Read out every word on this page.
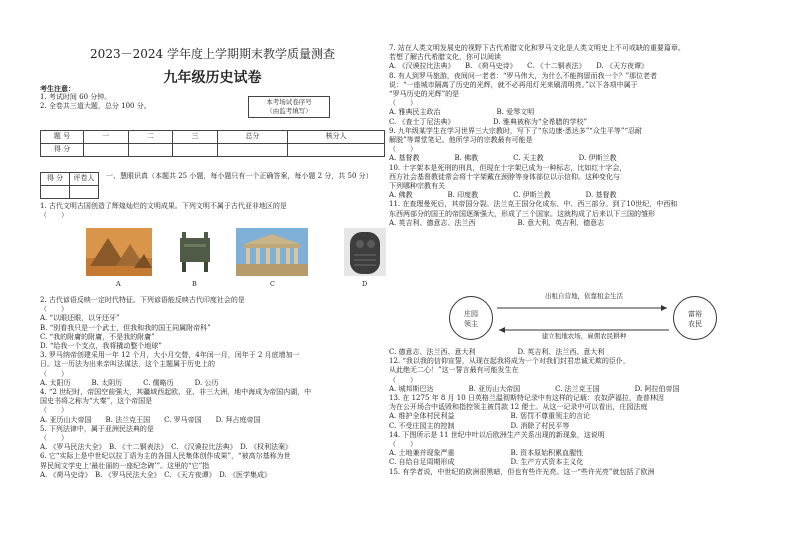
2023－2024 学年度上学期期末教学质量测查
九年级历史试卷
考生注意：
1. 考试时间 60 分钟。
2. 全卷共三道大题，总分 100 分。
本考场试卷序号
（由监考填写）
题 号	一	二	三	总分	核分人
得 分					
得 分	评卷人
	一、慧眼识真（本题共 25 小题，每小题只有一个正确答案，每小题 2 分，共 50 分）
1. 古代文明古国创造了辉煌灿烂的文明成果。下列文明不属于古代亚非地区的是
（　　）
A	B	C	D
2. 古代谚语反映一定时代特征。下列谚语能反映古代印度社会的是
（　　）
A. “以眼还眼，以牙还牙”
B. “别看我只是一个武士，但我和我的国王同属附帝科”
C. “我的附庸的附庸，不是我的附庸”
D. “给我一个支点，我将撬动整个地球”
3. 罗马纳帝创建采用一年 12 个月，大小月交替，4年闰一月，闰年于 2 月底增加一
日。这一历法为出来亲叫法谋法，这个主题属于历史上的
（　　）
A. 太阳历　　　B. 太阴历　　　C. 儒略历　　　D. 公历
4. “2 世纪时，帝国空前强大，其疆域西起欧、亚、非三大洲，地中海成为帝国内湖，中
国史书将之称为“大秦”，这个帝国是
（　　）
A. 亚历山大帝国　　B. 法兰克王国　　C. 罗马帝国　　D. 拜占庭帝国
5. 下列法律中，属于亚洲民法典的是
（　　）
A. 《罗马民法大全》　B. 《十二铜表法》　C. 《汉谟拉比法典》　D. 《权利法案》
6. 它“实际上是中世纪以拉丁语为主的各国人民集体创作成果”，“被高尔基称为世
界民间文学史上‘最壮丽的一座纪念碑’”。这里的“它”指
A. 《荷马史诗》　B. 《罗马民法大全》　C. 《天方夜谭》　D. 《医学集成》
7. 站在人类文明发展史的视野下古代希腊文化和罗马文化是人类文明史上不可或缺的重要篇章。
若想了解古代希腊文化，你可以阅读
A. 《汉谟拉比法典》　　B. 《荷马史诗》　　C. 《十二铜表法》　　D. 《天方夜谭》
8. 有人到罗马旅游，夜间问一老者：“罗马伟大，为什么不能拘留而我一个？”那位老者
说：“一座城市隔离了历史的光辉，就不必再用灯光来刷清明亮。”以下各项中属于
“罗马历史的光辉”的是
（　　）
A. 雅典民主政治　　　　　　　　B. 爱琴文明
C. 《查士丁尼法典》　　　　　　D. 雅典被称为“全希腊的学校”
9. 九年级某学生在学习世界三大宗教时，写下了“东边康·悉达多”“众生平等”“忍耐
解脱”等课堂笔记。他所学习的宗教最有可能是
（　　）
A. 基督教　　　　　B. 佛教　　　　　C. 天主教　　　　　D. 伊斯兰教
10. 十字架本是死刑的刑具，但现在十字架已成为一种标志，比如红十字会，
西方社会基督教徒常会将十字架戴在颈脖等身体部位以示信仰。这种变化与
下列哪种宗教有关
A. 佛教　　　　　B. 印度教　　　　　C. 伊斯兰教　　　　　D. 基督教
11. 在查理曼死后，其帝国分裂。法兰克王国分化成东、中、西三部分。到了10世纪，中西和
东西两部分的国王的帝国逐渐强大，形成了三个国家。这就构成了后来以下三国的雏形
A. 英吉利、德意志、法兰西　　　　　　B. 意大利、英吉利、德意志
庄园
领主
富裕
农民
出租自营地，依靠租金生活
建立租地农场，雇佣农民耕种
C. 德意志、法兰西、意大利　　　　　　D. 英吉利、法兰西、意大利
12. “我以我的信仰宣誓，从现在起我将成为一个对我们封君忠诚无欺的臣仆，
从此绝无二心！”这一誓言最有可能发生在
（　　）
A. 城邦斯巴达　　　　　B. 亚历山大帝国　　　　　C. 法兰克王国　　　　　D. 阿拉伯帝国
13. 在 1275 年 8 月 10 日英格兰温彻斯特记录中有这样的记载：农奴萨福拉，查普林因
为在公开场合中诋毁和指控领主被罚款 12 便士。从这一记录中可以看出，庄园法庭
A. 维护全体村民利益　　　　　　　　B. 惩罚不尊重领主的言论
C. 不受庄园主的控制　　　　　　　　D. 消除了村民平等
14. 下图所示是 11 世纪中叶以后欧洲生产关系出现的新现象，这说明
（　　）
A. 土地兼并现象严重　　　　　　　　B. 资本原始积累血腥性
C. 自给自足周期形成　　　　　　　　D. 生产方式资本主义化
15. 有学者说，中世纪的欧洲很黑暗，但也有些许光亮。这一“些许光亮”就包括了欧洲
